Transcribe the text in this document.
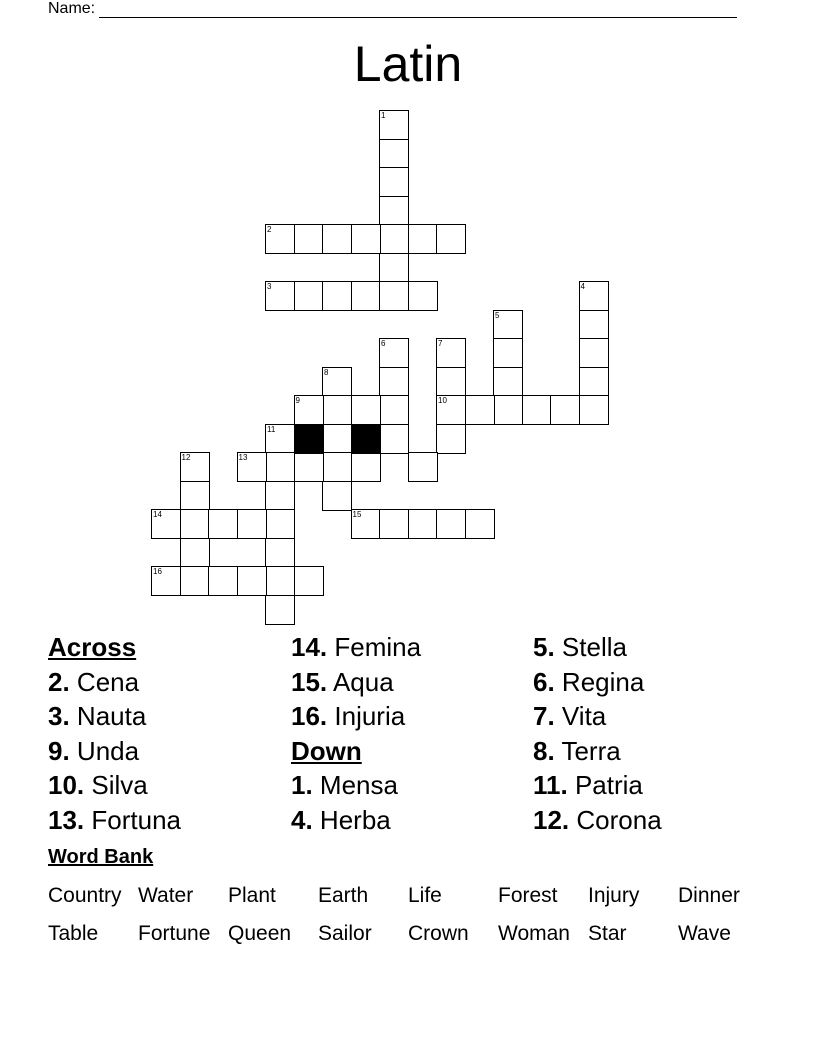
Name:
Latin
1
2
3	4
5
6	7
10
8
9
11
12	13
14	15
16
Across
2. Cena
3. Nauta
9. Unda
10. Silva
13. Fortuna
14. Femina
15. Aqua
16. Injuria
Down
1. Mensa
4. Herba
5. Stella
6. Regina
7. Vita
8. Terra
11. Patria
12. Corona
Word Bank
Country Water Plant Earth Life	Forest Injury Dinner
Table Fortune Queen Sailor Crown Woman Star Wave
